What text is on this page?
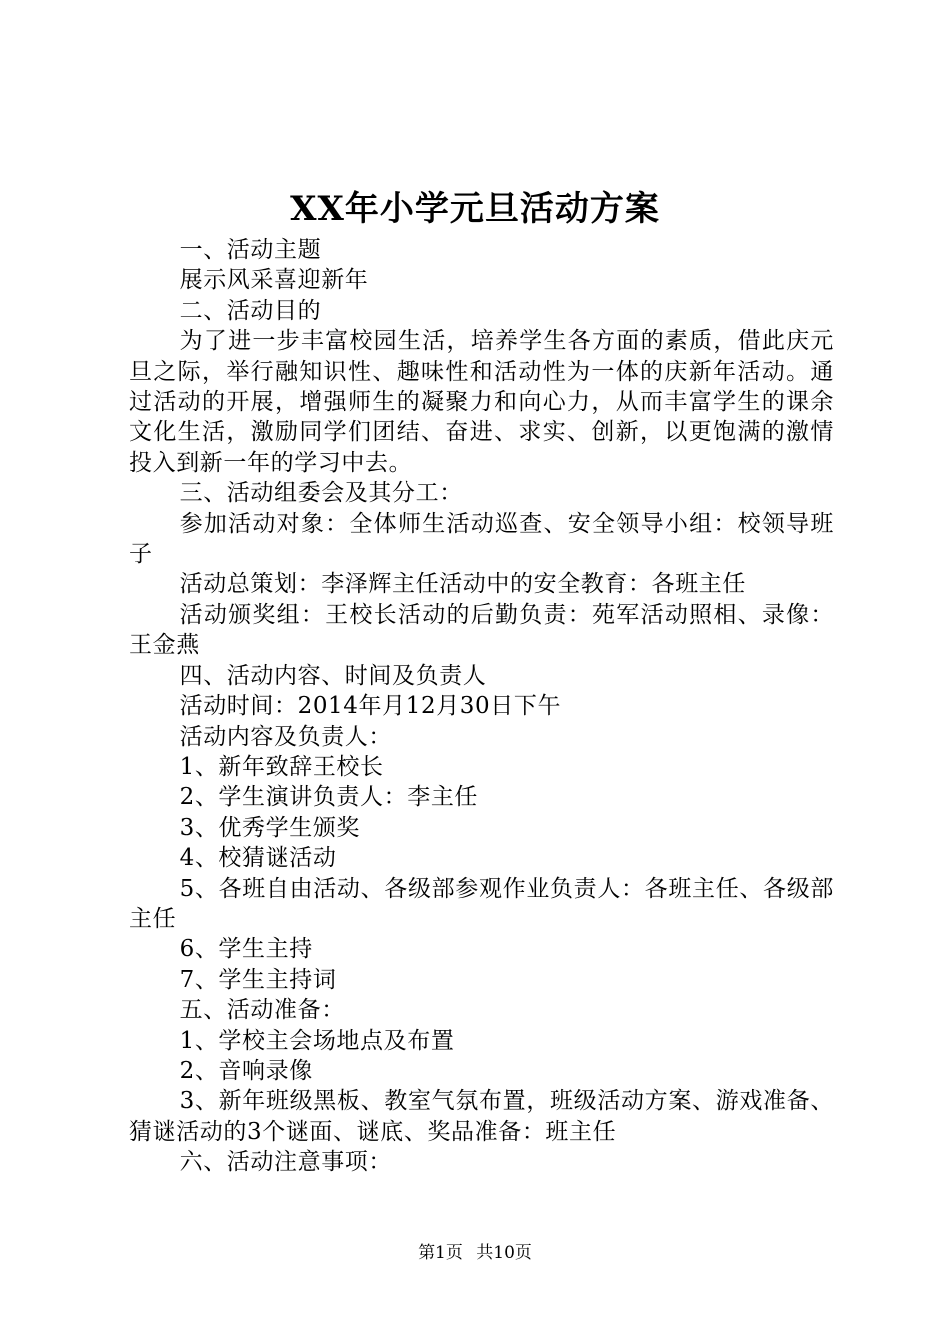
XX年小学元旦活动方案

一、活动主题

展示风采喜迎新年

二、活动目的

为了进一步丰富校园生活，培养学生各方面的素质，借此庆元旦之际，举行融知识性、趣味性和活动性为一体的庆新年活动。通过活动的开展，增强师生的凝聚力和向心力，从而丰富学生的课余文化生活，激励同学们团结、奋进、求实、创新，以更饱满的激情投入到新一年的学习中去。

三、活动组委会及其分工：

参加活动对象：全体师生活动巡查、安全领导小组：校领导班子

活动总策划：李泽辉主任活动中的安全教育：各班主任

活动颁奖组：王校长活动的后勤负责：苑军活动照相、录像：王金燕

四、活动内容、时间及负责人

活动时间：2014年月12月30日下午

活动内容及负责人：

1、新年致辞王校长

2、学生演讲负责人：李主任

3、优秀学生颁奖

4、校猜谜活动

5、各班自由活动、各级部参观作业负责人：各班主任、各级部主任

6、学生主持

7、学生主持词

五、活动准备：

1、学校主会场地点及布置

2、音响录像

3、新年班级黑板、教室气氛布置，班级活动方案、游戏准备、猜谜活动的3个谜面、谜底、奖品准备：班主任

六、活动注意事项：

第1页 共10页
